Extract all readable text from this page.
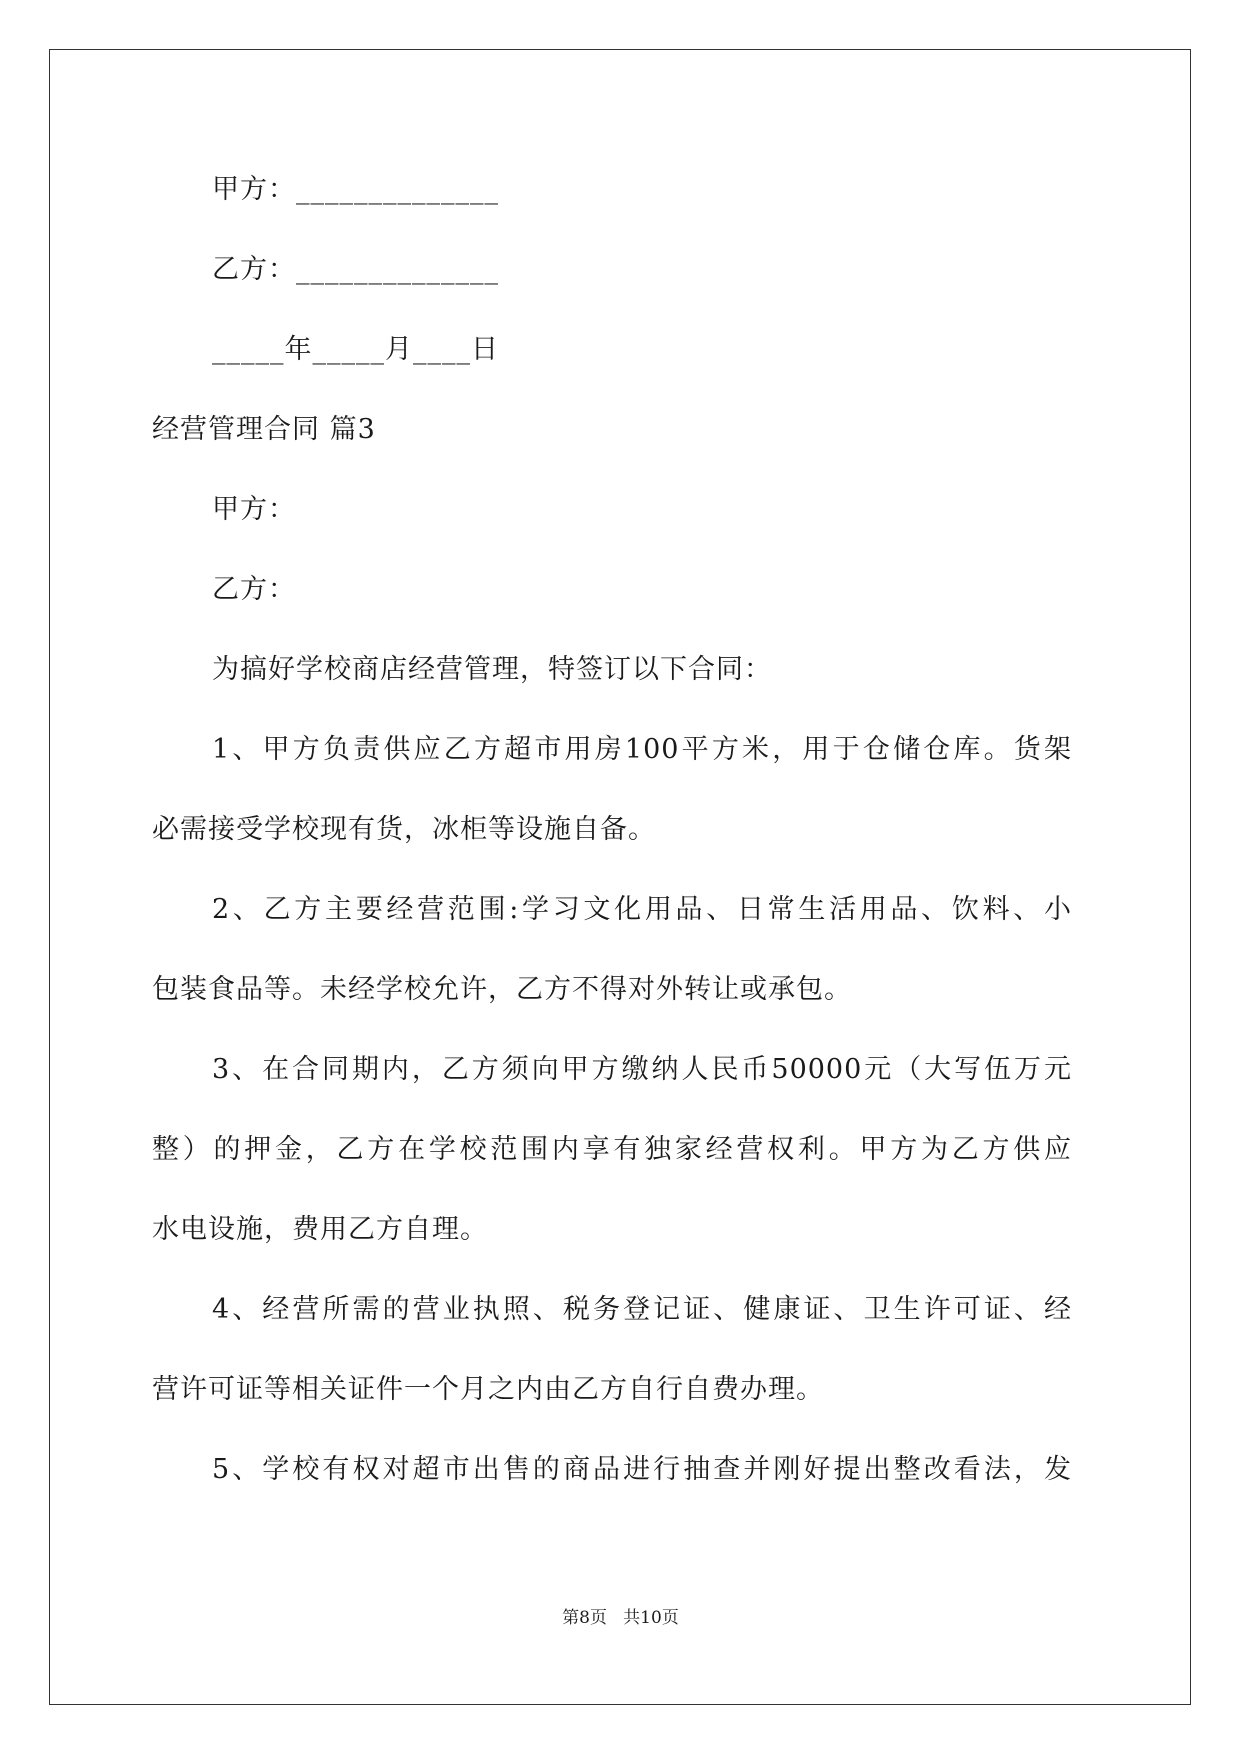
甲方：______________
乙方：______________
_____年_____月____日
经营管理合同 篇3
甲方：
乙方：
为搞好学校商店经营管理，特签订以下合同：
1、甲方负责供应乙方超市用房100平方米，用于仓储仓库。货架
必需接受学校现有货，冰柜等设施自备。
2、乙方主要经营范围:学习文化用品、日常生活用品、饮料、小
包装食品等。未经学校允许，乙方不得对外转让或承包。
3、在合同期内，乙方须向甲方缴纳人民币50000元（大写伍万元
整）的押金，乙方在学校范围内享有独家经营权利。甲方为乙方供应
水电设施，费用乙方自理。
4、经营所需的营业执照、税务登记证、健康证、卫生许可证、经
营许可证等相关证件一个月之内由乙方自行自费办理。
5、学校有权对超市出售的商品进行抽查并刚好提出整改看法，发
第8页   共10页
